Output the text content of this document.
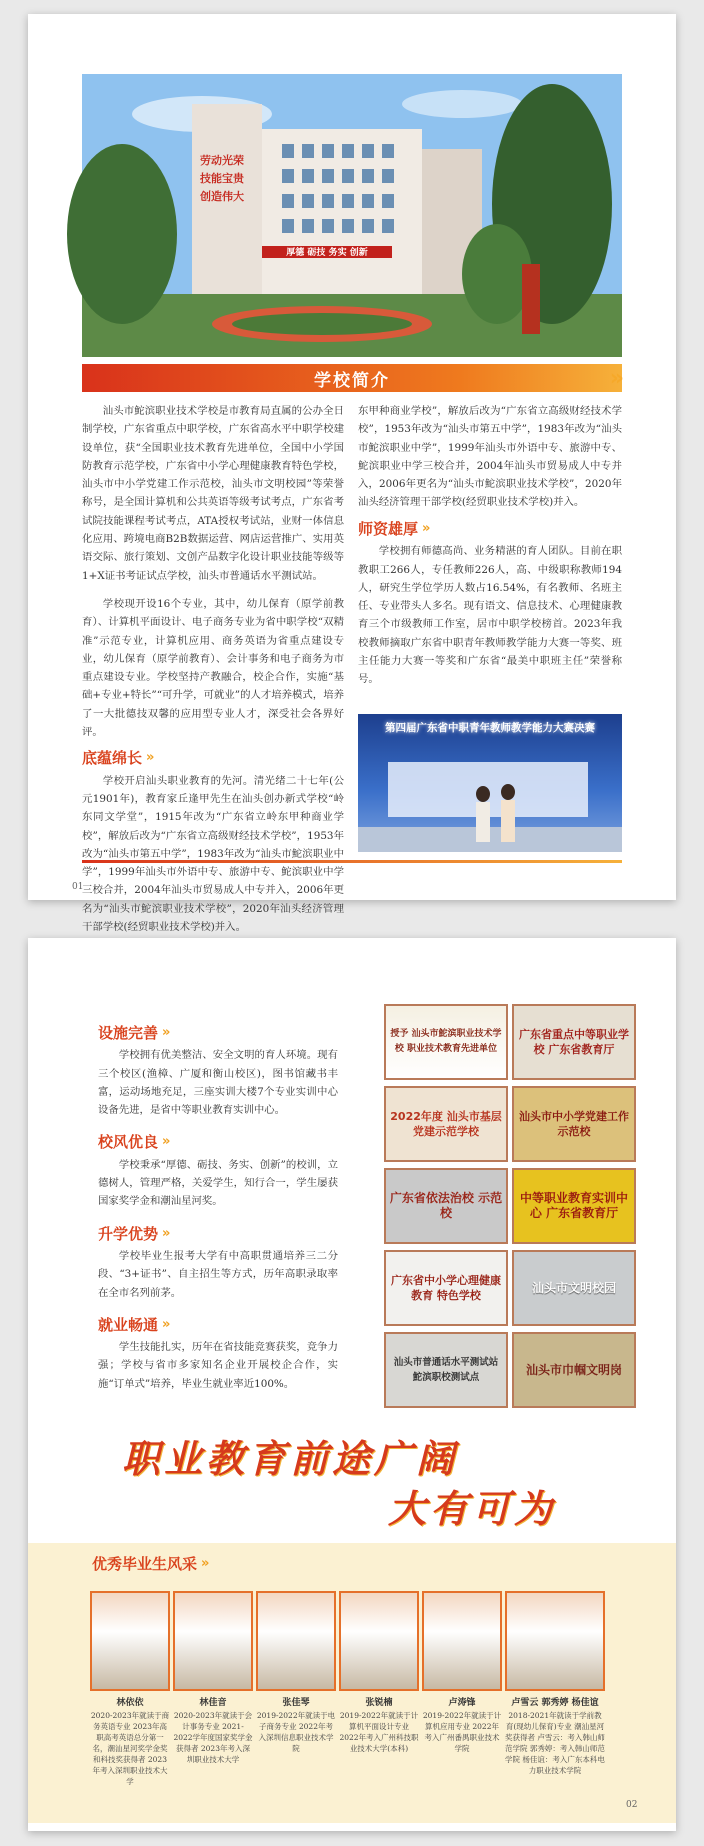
厚德 砺技 务实 创新
劳动光荣
技能宝贵
创造伟大
学校简介	»

汕头市鮀滨职业技术学校是市教育局直属的公办全日制学校，广东省重点中职学校，广东省高水平中职学校建设单位，获“全国职业技术教育先进单位，全国中小学国防教育示范学校，广东省中小学心理健康教育特色学校，汕头市中小学党建工作示范校，汕头市文明校园”等荣誉称号，是全国计算机和公共英语等级考试考点，广东省考试院技能课程考试考点，ATA授权考试站，业财一体信息化应用、跨境电商B2B数据运营、网店运营推广、实用英语交际、旅行策划、文创产品数字化设计职业技能等级等1+X证书考证试点学校，汕头市普通话水平测试站。

学校现开设16个专业，其中，幼儿保育（原学前教育）、计算机平面设计、电子商务专业为省中职学校“双精准”示范专业，计算机应用、商务英语为省重点建设专业，幼儿保育（原学前教育）、会计事务和电子商务为市重点建设专业。学校坚持产教融合，校企合作，实施“基础+专业+特长”“可升学，可就业”的人才培养模式，培养了一大批德技双馨的应用型专业人才，深受社会各界好评。

底蕴绵长 »

学校开启汕头职业教育的先河。清光绪二十七年(公元1901年)，教育家丘逢甲先生在汕头创办新式学校“岭东同文学堂”，1915年改为“广东省立岭东甲种商业学校”，解放后改为“广东省立高级财经技术学校”，1953年改为“汕头市第五中学”，1983年改为“汕头市鮀滨职业中学”，1999年汕头市外语中专、旅游中专、鮀滨职业中学三校合并，2004年汕头市贸易成人中专并入，2006年更名为“汕头市鮀滨职业技术学校”，2020年汕头经济管理干部学校(经贸职业技术学校)并入。

东甲种商业学校”，解放后改为“广东省立高级财经技术学校”，1953年改为“汕头市第五中学”，1983年改为“汕头市鮀滨职业中学”，1999年汕头市外语中专、旅游中专、鮀滨职业中学三校合并，2004年汕头市贸易成人中专并入，2006年更名为“汕头市鮀滨职业技术学校”，2020年汕头经济管理干部学校(经贸职业技术学校)并入。

师资雄厚 »

学校拥有师德高尚、业务精湛的育人团队。目前在职教职工266人，专任教师226人，高、中级职称教师194人，研究生学位学历人数占16.54%，有名教师、名班主任、专业带头人多名。现有语文、信息技术、心理健康教育三个市级教师工作室，居市中职学校榜首。2023年我校教师摘取广东省中职青年教师教学能力大赛一等奖、班主任能力大赛一等奖和广东省“最美中职班主任”荣誉称号。

第四届广东省中职青年教师教学能力大赛决赛
01
设施完善 »

学校拥有优美整洁、安全文明的育人环境。现有三个校区(渔樟、广厦和衡山校区)，图书馆藏书丰富，运动场地充足，三座实训大楼7个专业实训中心设备先进，是省中等职业教育实训中心。

校风优良 »

学校秉承“厚德、砺技、务实、创新”的校训，立德树人，管理严格，关爱学生，知行合一，学生屡获国家奖学金和潮汕星河奖。

升学优势 »

学校毕业生报考大学有中高职贯通培养三二分段、“3+证书”、自主招生等方式，历年高职录取率在全市名列前茅。

就业畅通 »

学生技能扎实，历年在省技能竞赛获奖，竞争力强；学校与省市多家知名企业开展校企合作，实施“订单式”培养，毕业生就业率近100%。

授予 汕头市鮀滨职业技术学校 职业技术教育先进单位
广东省重点中等职业学校 广东省教育厅
2022年度 汕头市基层党建示范学校
汕头市中小学党建工作示范校
广东省依法治校 示范校
中等职业教育实训中心 广东省教育厅
广东省中小学心理健康教育 特色学校
汕头市文明校园
汕头市普通话水平测试站 鮀滨职校测试点
汕头市巾帼文明岗
职业教育前途广阔
大有可为
优秀毕业生风采 »
林依依
2020-2023年就读于商务英语专业 2023年高职高考英语总分第一名，潮汕星河奖学金奖和科技奖获得者 2023年考入深圳职业技术大学
林佳音
2020-2023年就读于会计事务专业 2021-2022学年度国家奖学金获得者 2023年考入深圳职业技术大学
张佳琴
2019-2022年就读于电子商务专业 2022年考入深圳信息职业技术学院
张锐楠
2019-2022年就读于计算机平面设计专业 2022年考入广州科技职业技术大学(本科)
卢涛锋
2019-2022年就读于计算机应用专业 2022年考入广州番禺职业技术学院
卢雪云 郭秀婷 杨佳谊
2018-2021年就读于学前教育(现幼儿保育)专业 潮汕星河奖获得者 卢雪云：考入韩山师范学院 郭秀婷：考入韩山师范学院 杨佳谊：考入广东本科电力职业技术学院
02
